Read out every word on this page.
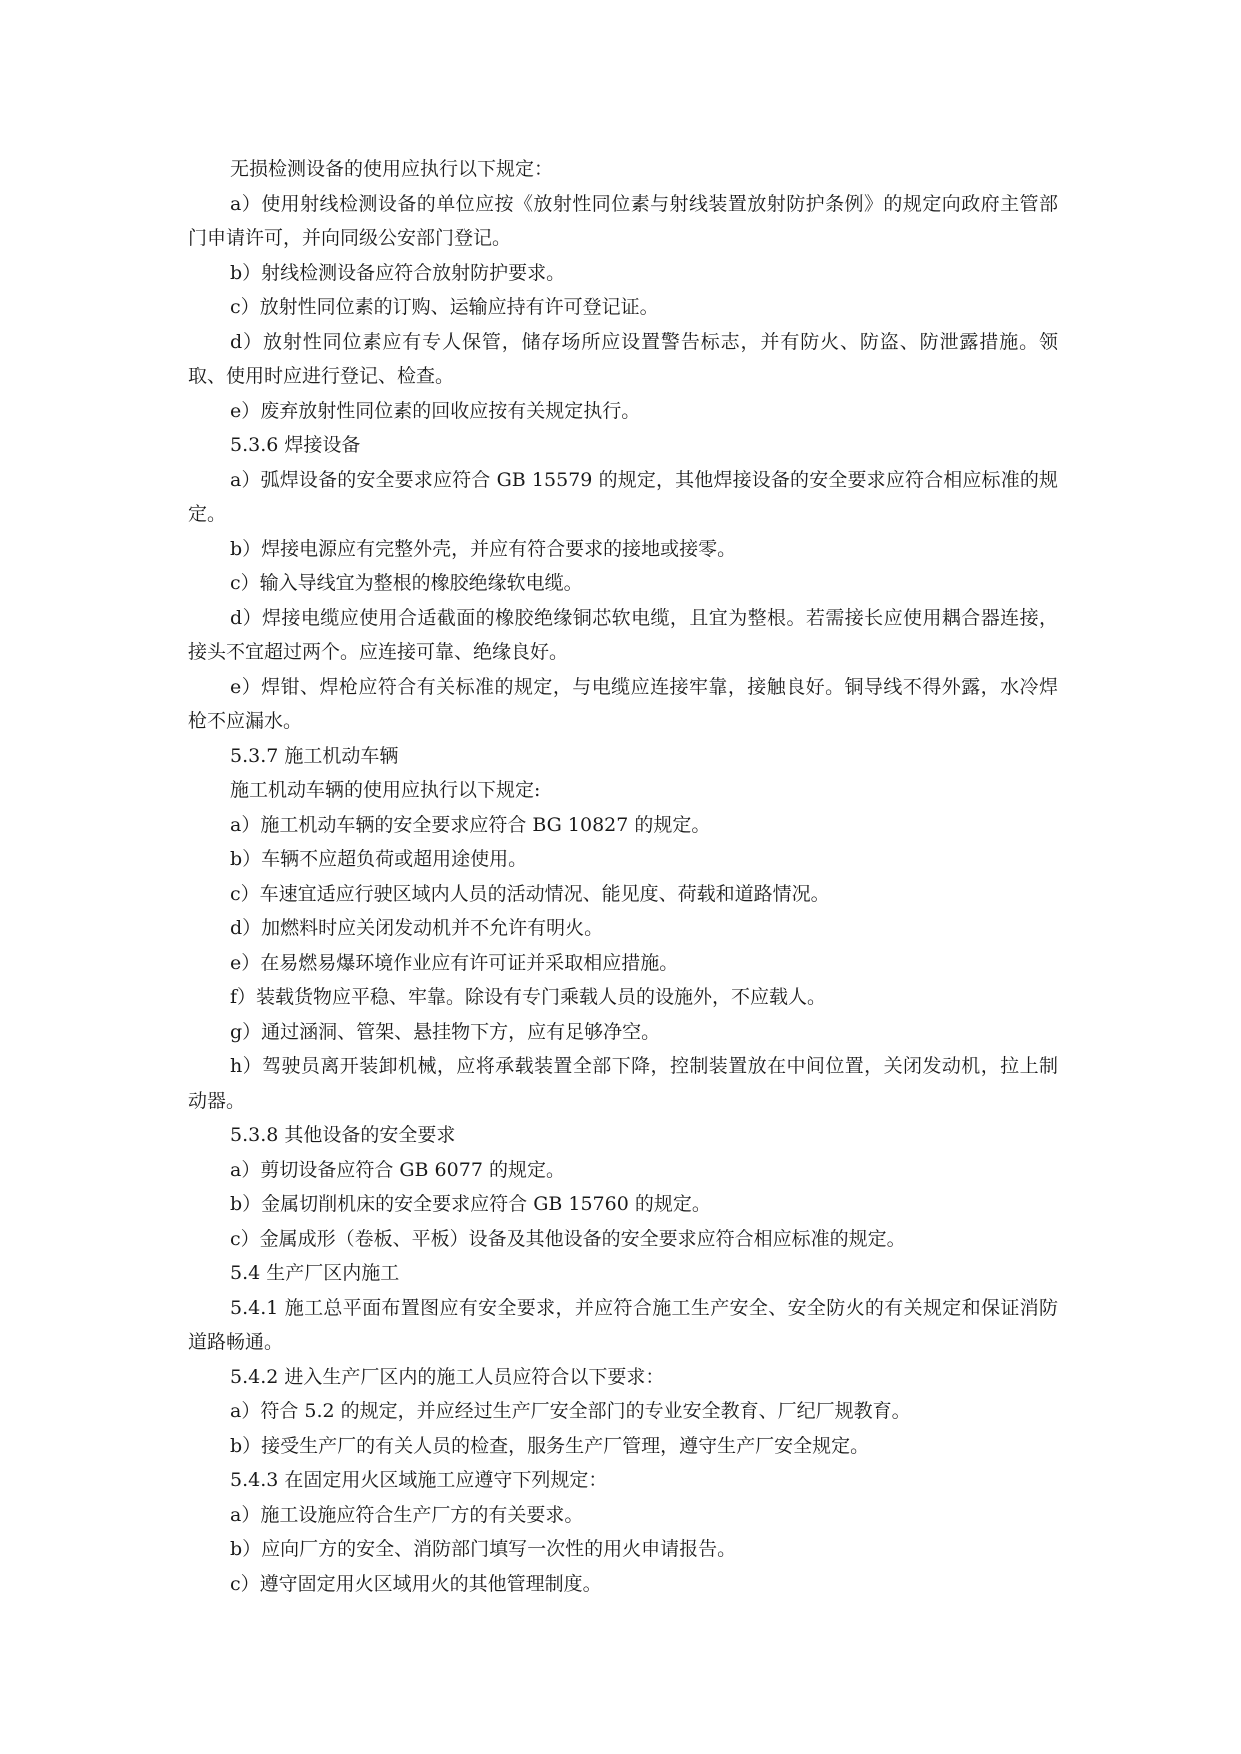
无损检测设备的使用应执行以下规定：

a）使用射线检测设备的单位应按《放射性同位素与射线装置放射防护条例》的规定向政府主管部门申请许可，并向同级公安部门登记。

b）射线检测设备应符合放射防护要求。

c）放射性同位素的订购、运输应持有许可登记证。

d）放射性同位素应有专人保管，储存场所应设置警告标志，并有防火、防盗、防泄露措施。领取、使用时应进行登记、检查。

e）废弃放射性同位素的回收应按有关规定执行。

5.3.6 焊接设备

a）弧焊设备的安全要求应符合 GB 15579 的规定，其他焊接设备的安全要求应符合相应标准的规定。

b）焊接电源应有完整外壳，并应有符合要求的接地或接零。

c）输入导线宜为整根的橡胶绝缘软电缆。

d）焊接电缆应使用合适截面的橡胶绝缘铜芯软电缆，且宜为整根。若需接长应使用耦合器连接，接头不宜超过两个。应连接可靠、绝缘良好。

e）焊钳、焊枪应符合有关标准的规定，与电缆应连接牢靠，接触良好。铜导线不得外露，水冷焊枪不应漏水。

5.3.7 施工机动车辆

施工机动车辆的使用应执行以下规定:

a）施工机动车辆的安全要求应符合 BG 10827 的规定。

b）车辆不应超负荷或超用途使用。

c）车速宜适应行驶区域内人员的活动情况、能见度、荷载和道路情况。

d）加燃料时应关闭发动机并不允许有明火。

e）在易燃易爆环境作业应有许可证并采取相应措施。

f）装载货物应平稳、牢靠。除设有专门乘载人员的设施外，不应载人。

g）通过涵洞、管架、悬挂物下方，应有足够净空。

h）驾驶员离开装卸机械，应将承载装置全部下降，控制装置放在中间位置，关闭发动机，拉上制动器。

5.3.8 其他设备的安全要求

a）剪切设备应符合 GB 6077 的规定。

b）金属切削机床的安全要求应符合 GB 15760 的规定。

c）金属成形（卷板、平板）设备及其他设备的安全要求应符合相应标准的规定。

5.4 生产厂区内施工

5.4.1 施工总平面布置图应有安全要求，并应符合施工生产安全、安全防火的有关规定和保证消防道路畅通。

5.4.2 进入生产厂区内的施工人员应符合以下要求：

a）符合 5.2 的规定，并应经过生产厂安全部门的专业安全教育、厂纪厂规教育。

b）接受生产厂的有关人员的检查，服务生产厂管理，遵守生产厂安全规定。

5.4.3 在固定用火区域施工应遵守下列规定：

a）施工设施应符合生产厂方的有关要求。

b）应向厂方的安全、消防部门填写一次性的用火申请报告。

c）遵守固定用火区域用火的其他管理制度。
